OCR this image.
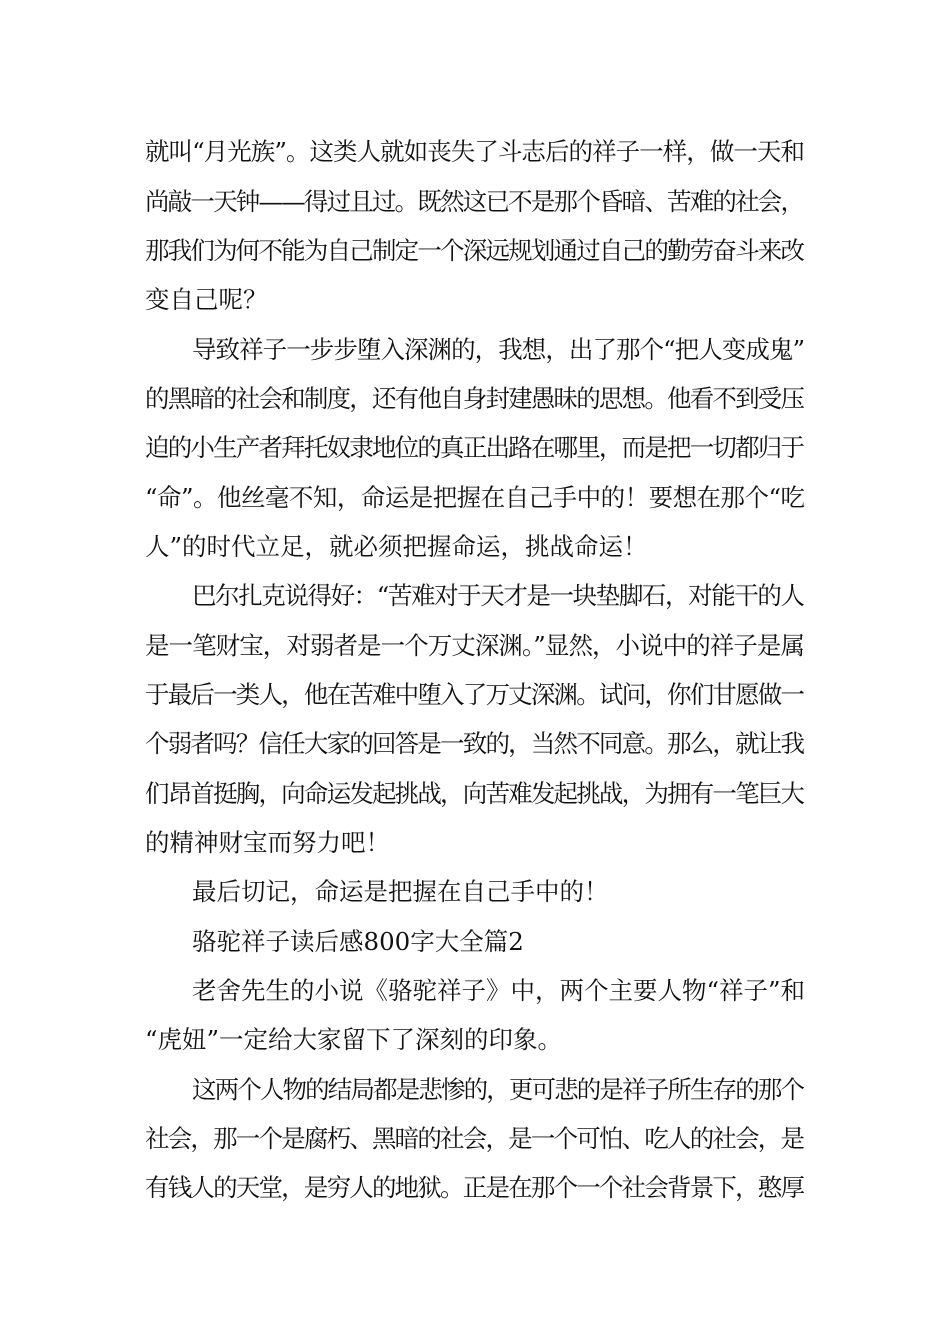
就叫“月光族”。这类人就如丧失了斗志后的祥子一样，做一天和
尚敲一天钟——得过且过。既然这已不是那个昏暗、苦难的社会，
那我们为何不能为自己制定一个深远规划通过自己的勤劳奋斗来改
变自己呢？
导致祥子一步步堕入深渊的，我想，出了那个“把人变成鬼”
的黑暗的社会和制度，还有他自身封建愚昧的思想。他看不到受压
迫的小生产者拜托奴隶地位的真正出路在哪里，而是把一切都归于
“命”。他丝毫不知，命运是把握在自己手中的！要想在那个“吃
人”的时代立足，就必须把握命运，挑战命运！
巴尔扎克说得好：“苦难对于天才是一块垫脚石，对能干的人
是一笔财宝，对弱者是一个万丈深渊。”显然，小说中的祥子是属
于最后一类人，他在苦难中堕入了万丈深渊。试问，你们甘愿做一
个弱者吗？信任大家的回答是一致的，当然不同意。那么，就让我
们昂首挺胸，向命运发起挑战，向苦难发起挑战，为拥有一笔巨大
的精神财宝而努力吧！
最后切记，命运是把握在自己手中的！
骆驼祥子读后感800字大全篇2
老舍先生的小说《骆驼祥子》中，两个主要人物“祥子”和
“虎妞”一定给大家留下了深刻的印象。
这两个人物的结局都是悲惨的，更可悲的是祥子所生存的那个
社会，那一个是腐朽、黑暗的社会，是一个可怕、吃人的社会，是
有钱人的天堂，是穷人的地狱。正是在那个一个社会背景下，憨厚
